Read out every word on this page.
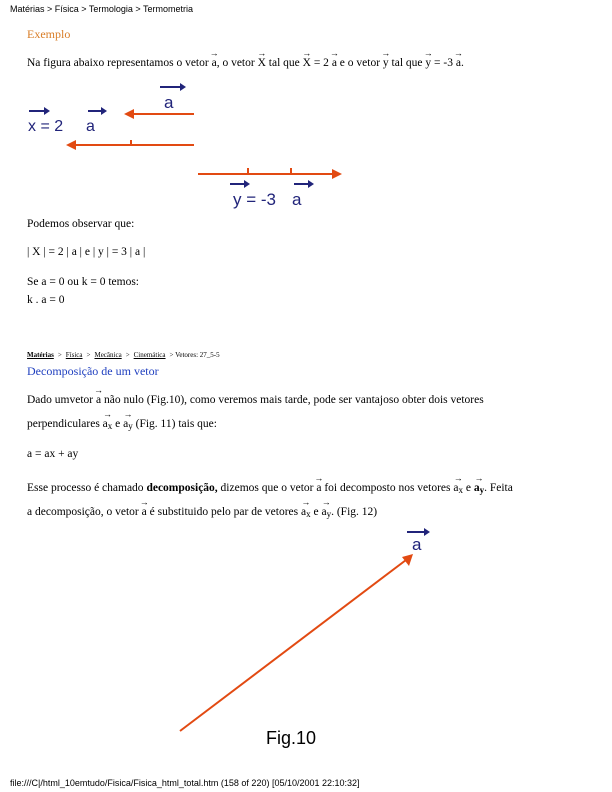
Matérias > Física > Termologia > Termometria
Exemplo
Na figura abaixo representamos o vetor → a, o vetor → X tal que → X = 2 → a e o vetor → y tal que → y = -3 → a.
a
x = 2 a
y = -3 a
Podemos observar que:
| X | = 2 | a | e | y | = 3 | a |
Se a = 0 ou k = 0 temos:
k . a = 0
Matérias > Física > Mecânica > Cinemática > Vetores: 27_5-5
Decomposição de um vetor
Dado umvetor → a não nulo (Fig.10), como veremos mais tarde, pode ser vantajoso obter dois vetores
perpendiculares → $a_x$ $e \to a_y$ (Fig. 11) tais que:
a = ax + ay
Esse processo é chamado decomposição, dizemos que o vetor → a foi decomposto nos vetores → $a_x$ $e \to a_y$. Feita
a decomposição, o vetor → a é substituido pelo par de vetores → $a_x$ $e \to a_y$. (Fig. 12)
a
Fig.10
file:///C|/html_10emtudo/Fisica/Fisica_html_total.htm (158 of 220) [05/10/2001 22:10:32]
